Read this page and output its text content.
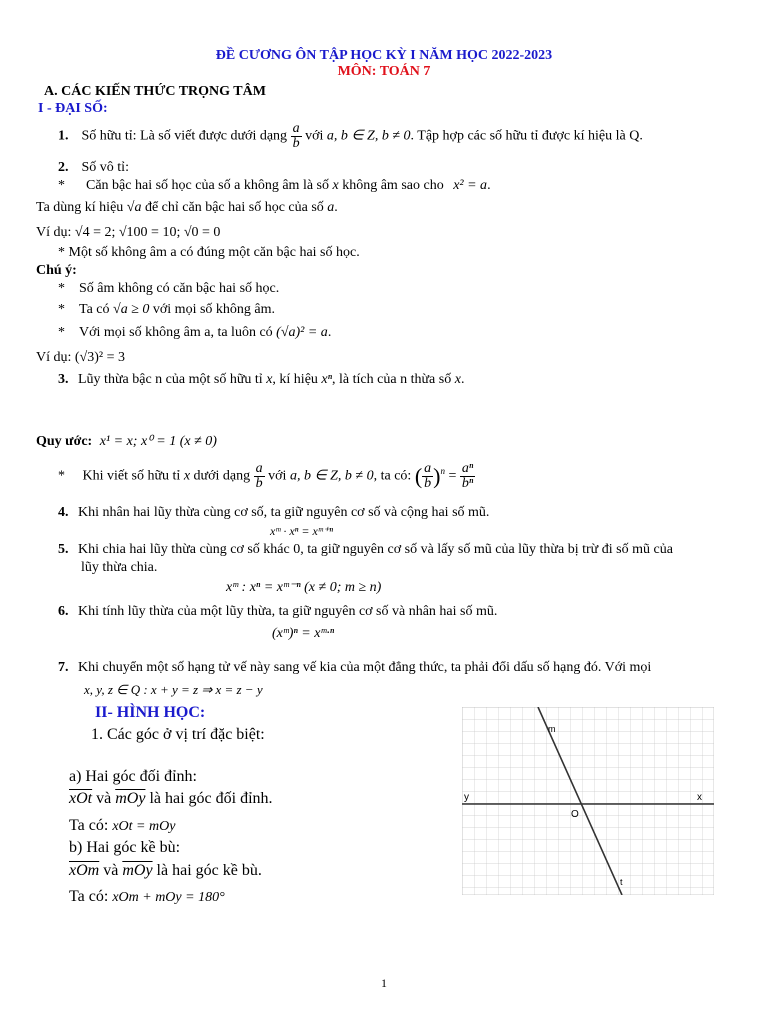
ĐỀ CƯƠNG ÔN TẬP HỌC KỲ I NĂM HỌC 2022-2023
MÔN: TOÁN 7
A. CÁC KIẾN THỨC TRỌNG TÂM
I - ĐẠI SỐ:
1. Số hữu tỉ: Là số viết được dưới dạng $\frac{a}{b}$ với a, b ∈ Z, b ≠ 0. Tập hợp các số hữu tỉ được kí hiệu là Q.
2. Số vô tỉ:
* Căn bậc hai số học của số a không âm là số x không âm sao cho x² = a.
Ta dùng kí hiệu √a để chỉ căn bậc hai số học của số a.
Ví dụ: √4 = 2; √100 = 10; √0 = 0
* Một số không âm a có đúng một căn bậc hai số học.
Chú ý:
* Số âm không có căn bậc hai số học.
* Ta có √a ≥ 0 với mọi số không âm.
* Với mọi số không âm a, ta luôn có (√a)² = a.
Ví dụ: (√3)² = 3
3. Lũy thừa bậc n của một số hữu tỉ x, kí hiệu xⁿ, là tích của n thừa số x.
Quy ước: x¹ = x; x⁰ = 1 (x ≠ 0)
* Khi viết số hữu tỉ x dưới dạng $\frac{a}{b}$ với a, b ∈ Z, b ≠ 0, ta có: ( $\frac{a}{b} )^n = \frac{\text{aⁿ}}{\text{bⁿ}}$
4. Khi nhân hai lũy thừa cùng cơ số, ta giữ nguyên cơ số và cộng hai số mũ.
xᵐ · xⁿ = xᵐ⁺ⁿ
5. Khi chia hai lũy thừa cùng cơ số khác 0, ta giữ nguyên cơ số và lấy số mũ của lũy thừa bị trừ đi số mũ của
lũy thừa chia.
xᵐ : xⁿ = xᵐ⁻ⁿ (x ≠ 0; m ≥ n)
6. Khi tính lũy thừa của một lũy thừa, ta giữ nguyên cơ số và nhân hai số mũ.
(xᵐ)ⁿ = xᵐ·ⁿ
7. Khi chuyển một số hạng tử vế này sang vế kia của một đẳng thức, ta phải đổi dấu số hạng đó. Với mọi
x, y, z ∈ Q : x + y = z ⇒ x = z − y
II- HÌNH HỌC:
1. Các góc ở vị trí đặc biệt:
a) Hai góc đối đỉnh:
$\overline{xOt}$ và $\overline{mOy}$ là hai góc đối đỉnh.
Ta có: xOt = mOy
b) Hai góc kề bù:
$\overline{xOm}$ và $\overline{mOy}$ là hai góc kề bù.
Ta có: xOm + mOy = 180°
m
y	x
O
t
1
